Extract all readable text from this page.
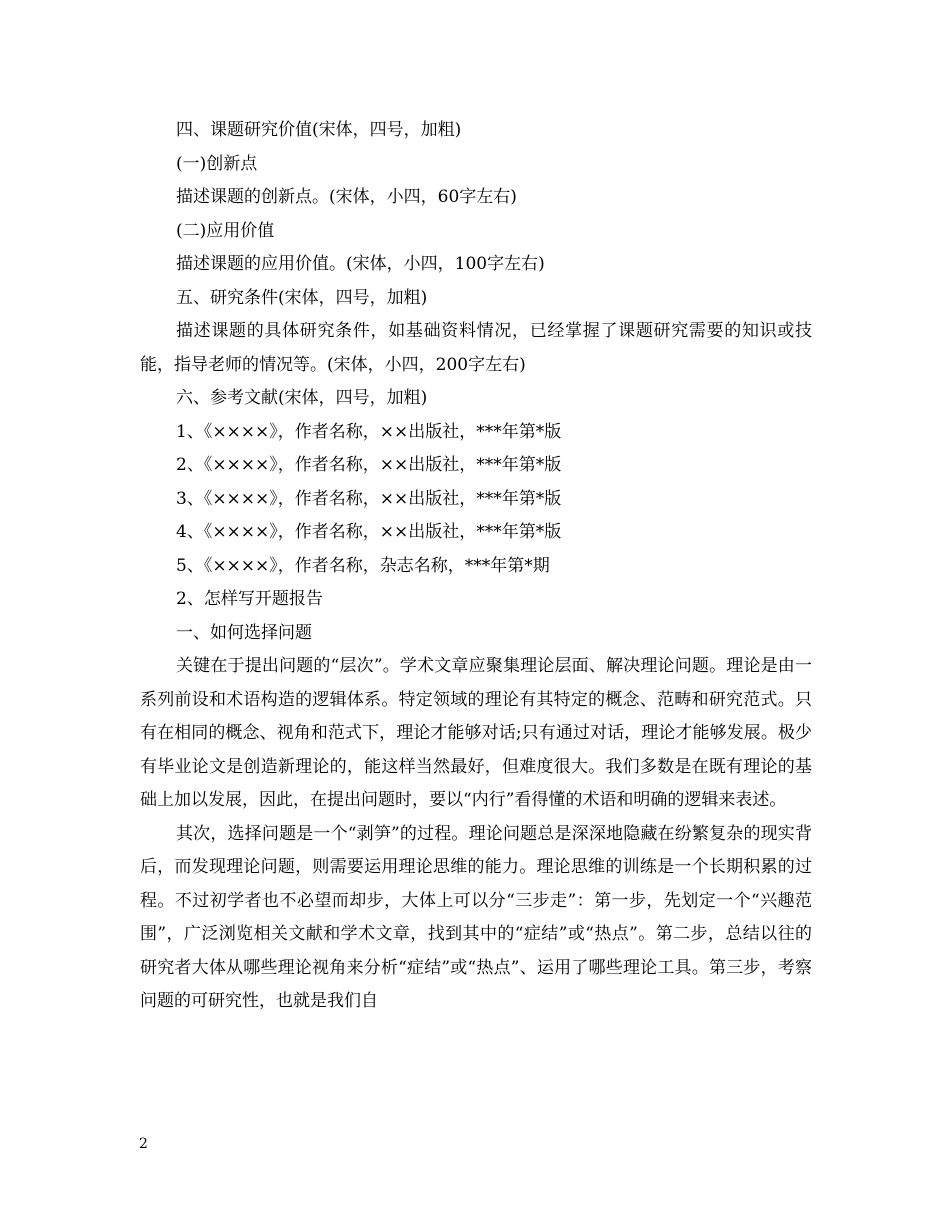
四、课题研究价值(宋体，四号，加粗)

(一)创新点

描述课题的创新点。(宋体，小四，60字左右)

(二)应用价值

描述课题的应用价值。(宋体，小四，100字左右)

五、研究条件(宋体，四号，加粗)

描述课题的具体研究条件，如基础资料情况，已经掌握了课题研究需要的知识或技能，指导老师的情况等。(宋体，小四，200字左右)

六、参考文献(宋体，四号，加粗)

1、《××××》，作者名称，××出版社，***年第*版

2、《××××》，作者名称，××出版社，***年第*版

3、《××××》，作者名称，××出版社，***年第*版

4、《××××》，作者名称，××出版社，***年第*版

5、《××××》，作者名称，杂志名称，***年第*期

2、怎样写开题报告

一、如何选择问题

关键在于提出问题的“层次”。学术文章应聚集理论层面、解决理论问题。理论是由一系列前设和术语构造的逻辑体系。特定领域的理论有其特定的概念、范畴和研究范式。只有在相同的概念、视角和范式下，理论才能够对话;只有通过对话，理论才能够发展。极少有毕业论文是创造新理论的，能这样当然最好，但难度很大。我们多数是在既有理论的基础上加以发展，因此，在提出问题时，要以“内行”看得懂的术语和明确的逻辑来表述。

其次，选择问题是一个“剥笋”的过程。理论问题总是深深地隐藏在纷繁复杂的现实背后，而发现理论问题，则需要运用理论思维的能力。理论思维的训练是一个长期积累的过程。不过初学者也不必望而却步，大体上可以分“三步走”：第一步，先划定一个“兴趣范围”，广泛浏览相关文献和学术文章，找到其中的“症结”或“热点”。第二步，总结以往的研究者大体从哪些理论视角来分析“症结”或“热点”、运用了哪些理论工具。第三步，考察问题的可研究性，也就是我们自

2
